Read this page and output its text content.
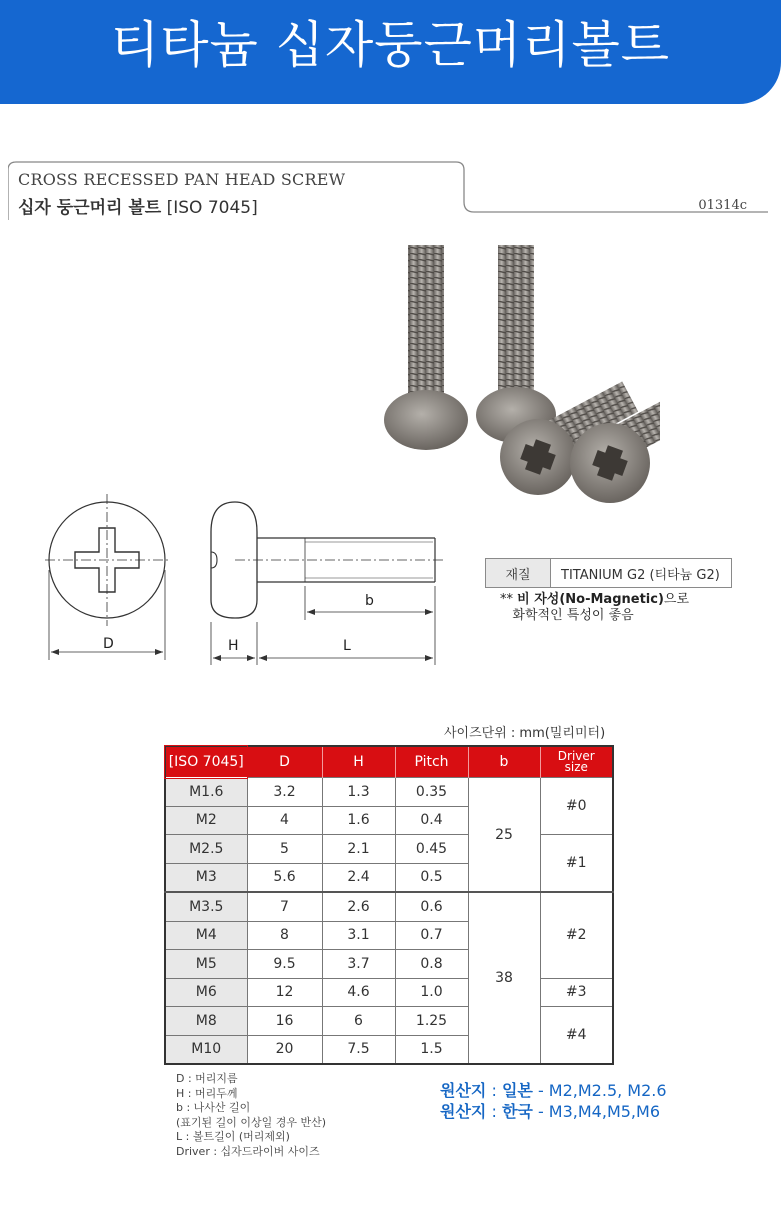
티타늄 십자둥근머리볼트
CROSS RECESSED PAN HEAD SCREW
십자 둥근머리 볼트 [ISO 7045]	01314c
D	H	L
b
재질	TITANIUM G2 (티타늄 G2)
** 비 자성(No-Magnetic)으로
화학적인 특성이 좋음
사이즈단위 : mm(밀리미터)
[ISO 7045]	D	H	Pitch	b	Driver
size
M1.6	3.2	1.3	0.35	25	#0
M2	4	1.6	0.4		
M2.5	5	2.1	0.45		#1
M3	5.6	2.4	0.5		
M3.5	7	2.6	0.6	38	#2
M4	8	3.1	0.7		
M5	9.5	3.7	0.8		
M6	12	4.6	1.0		#3
M8	16	6	1.25		#4
M10	20	7.5	1.5		
D : 머리지름
H : 머리두께
b : 나사산 길이
(표기된 길이 이상일 경우 반산)
L : 볼트길이 (머리제외)
Driver : 십자드라이버 사이즈
원산지 : 일본 - M2,M2.5, M2.6
원산지 : 한국 - M3,M4,M5,M6
